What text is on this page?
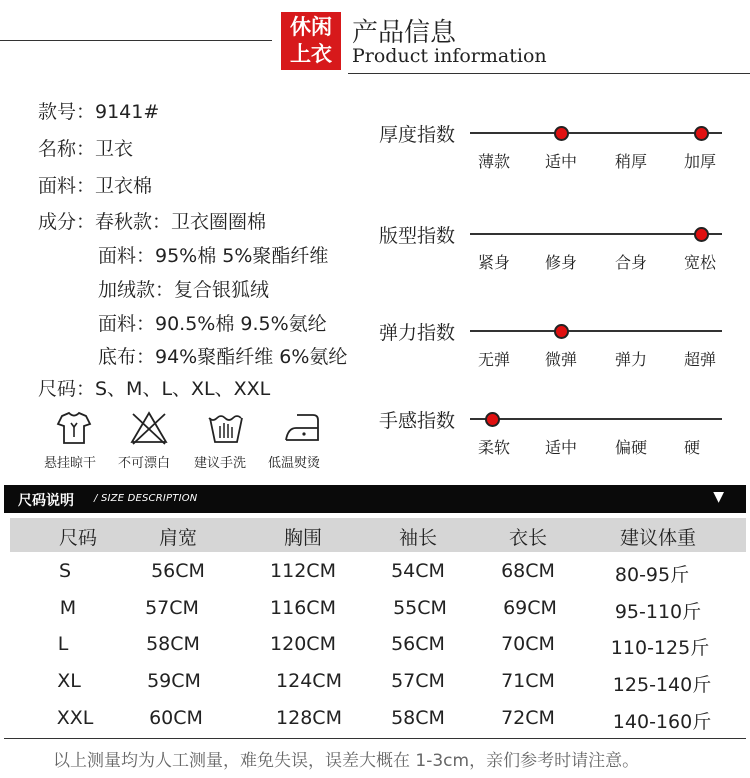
休闲
上衣
产品信息
Product information
款号：9141#
名称：卫衣
面料：卫衣棉
成分：春秋款：卫衣圈圈棉
面料：95%棉 5%聚酯纤维
加绒款：复合银狐绒
面料：90.5%棉 9.5%氨纶
底布：94%聚酯纤维 6%氨纶
尺码：S、M、L、XL、XXL
悬挂晾干 不可漂白 建议手洗 低温熨烫
厚度指数
薄款 适中 稍厚 加厚
版型指数
紧身 修身 合身 宽松
弹力指数
无弹 微弹 弹力 超弹
手感指数
柔软 适中 偏硬 硬
尺码说明 / SIZE DESCRIPTION	▼
尺码	肩宽	胸围	袖长	衣长	建议体重
S	56CM	112CM	54CM	68CM	80-95斤
M	57CM	116CM	55CM	69CM	95-110斤
L	58CM	120CM	56CM	70CM	110-125斤
XL	59CM	124CM	57CM	71CM	125-140斤
XXL	60CM	128CM	58CM	72CM	140-160斤
以上测量均为人工测量，难免失误，误差大概在 1-3cm，亲们参考时请注意。
